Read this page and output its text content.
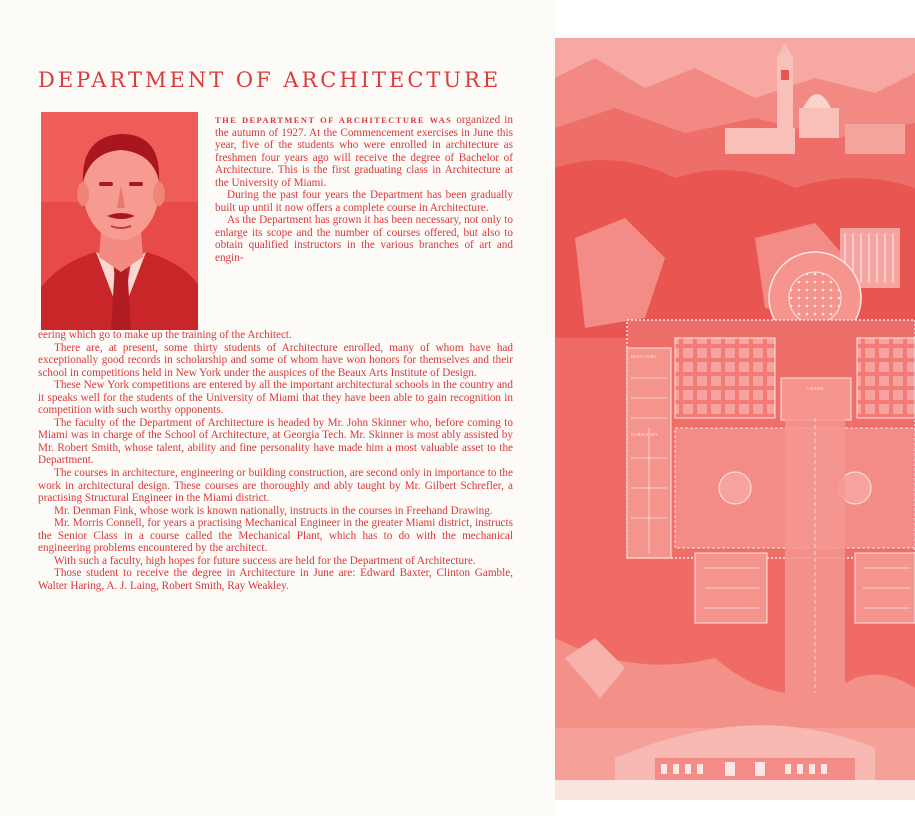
DEPARTMENT OF ARCHITECTURE

THE DEPARTMENT OF ARCHITECTURE WAS organized in the autumn of 1927. At the Commencement exercises in June this year, five of the students who were enrolled in architecture as freshmen four years ago will receive the degree of Bachelor of Architecture. This is the first graduating class in Architecture at the University of Miami.

During the past four years the Department has been gradually built up until it now offers a complete course in Architecture.

As the Department has grown it has been necessary, not only to enlarge its scope and the number of courses offered, but also to obtain qualified instructors in the various branches of art and engin-

eering which go to make up the training of the Architect.

There are, at present, some thirty students of Architecture enrolled, many of whom have had exceptionally good records in scholarship and some of whom have won honors for themselves and their school in competitions held in New York under the auspices of the Beaux Arts Institute of Design.

These New York competitions are entered by all the important architectural schools in the country and it speaks well for the students of the University of Miami that they have been able to gain recognition in competition with such worthy opponents.

The faculty of the Department of Architecture is headed by Mr. John Skinner who, before coming to Miami was in charge of the School of Architecture, at Georgia Tech. Mr. Skinner is most ably assisted by Mr. Robert Smith, whose talent, ability and fine personality have made him a most valuable asset to the Department.

The courses in architecture, engineering or building construction, are second only in importance to the work in architectural design. These courses are thoroughly and ably taught by Mr. Gilbert Schrefler, a practising Structural Engineer in the Miami district.

Mr. Denman Fink, whose work is known nationally, instructs in the courses in Freehand Drawing.

Mr. Morris Connell, for years a practising Mechanical Engineer in the greater Miami district, instructs the Senior Class in a course called the Mechanical Plant, which has to do with the mechanical engineering problems encountered by the architect.

With such a faculty, high hopes for future success are held for the Department of Architecture.

Those student to receive the degree in Architecture in June are: Edward Baxter, Clinton Gamble, Walter Haring, A. J. Laing, Robert Smith, Ray Weakley.

CHAPEL
REFECTORY
DORMITORY
